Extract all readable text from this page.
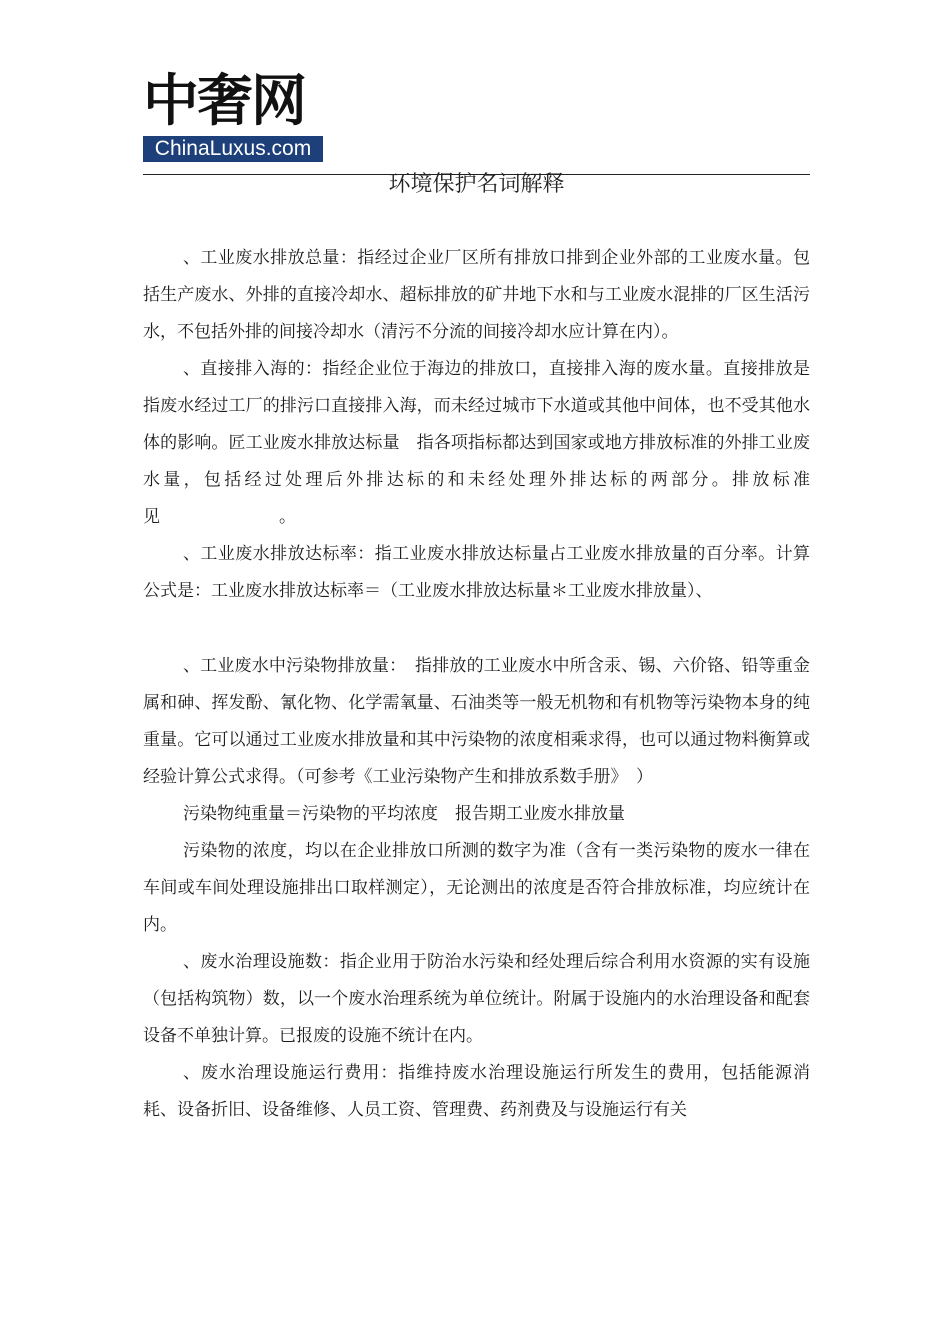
中奢网
ChinaLuxus.com
环境保护名词解释

、工业废水排放总量：指经过企业厂区所有排放口排到企业外部的工业废水量。包括生产废水、外排的直接冷却水、超标排放的矿井地下水和与工业废水混排的厂区生活污水，不包括外排的间接冷却水（清污不分流的间接冷却水应计算在内）。

、直接排入海的：指经企业位于海边的排放口，直接排入海的废水量。直接排放是指废水经过工厂的排污口直接排入海，而未经过城市下水道或其他中间体，也不受其他水体的影响。匠工业废水排放达标量　指各项指标都达到国家或地方排放标准的外排工业废水量，包括经过处理后外排达标的和未经处理外排达标的两部分。排放标准见　　　　　　　。

、工业废水排放达标率：指工业废水排放达标量占工业废水排放量的百分率。计算公式是：工业废水排放达标率＝（工业废水排放达标量＊工业废水排放量）、

、工业废水中污染物排放量：　指排放的工业废水中所含汞、锡、六价铬、铅等重金属和砷、挥发酚、氰化物、化学需氧量、石油类等一般无机物和有机物等污染物本身的纯重量。它可以通过工业废水排放量和其中污染物的浓度相乘求得，也可以通过物料衡算或经验计算公式求得。（可参考《工业污染物产生和排放系数手册》　）

污染物纯重量＝污染物的平均浓度　报告期工业废水排放量

污染物的浓度，均以在企业排放口所测的数字为准（含有一类污染物的废水一律在车间或车间处理设施排出口取样测定），无论测出的浓度是否符合排放标准，均应统计在内。

、废水治理设施数：指企业用于防治水污染和经处理后综合利用水资源的实有设施（包括构筑物）数，以一个废水治理系统为单位统计。附属于设施内的水治理设备和配套设备不单独计算。已报废的设施不统计在内。

、废水治理设施运行费用：指维持废水治理设施运行所发生的费用，包括能源消耗、设备折旧、设备维修、人员工资、管理费、药剂费及与设施运行有关
